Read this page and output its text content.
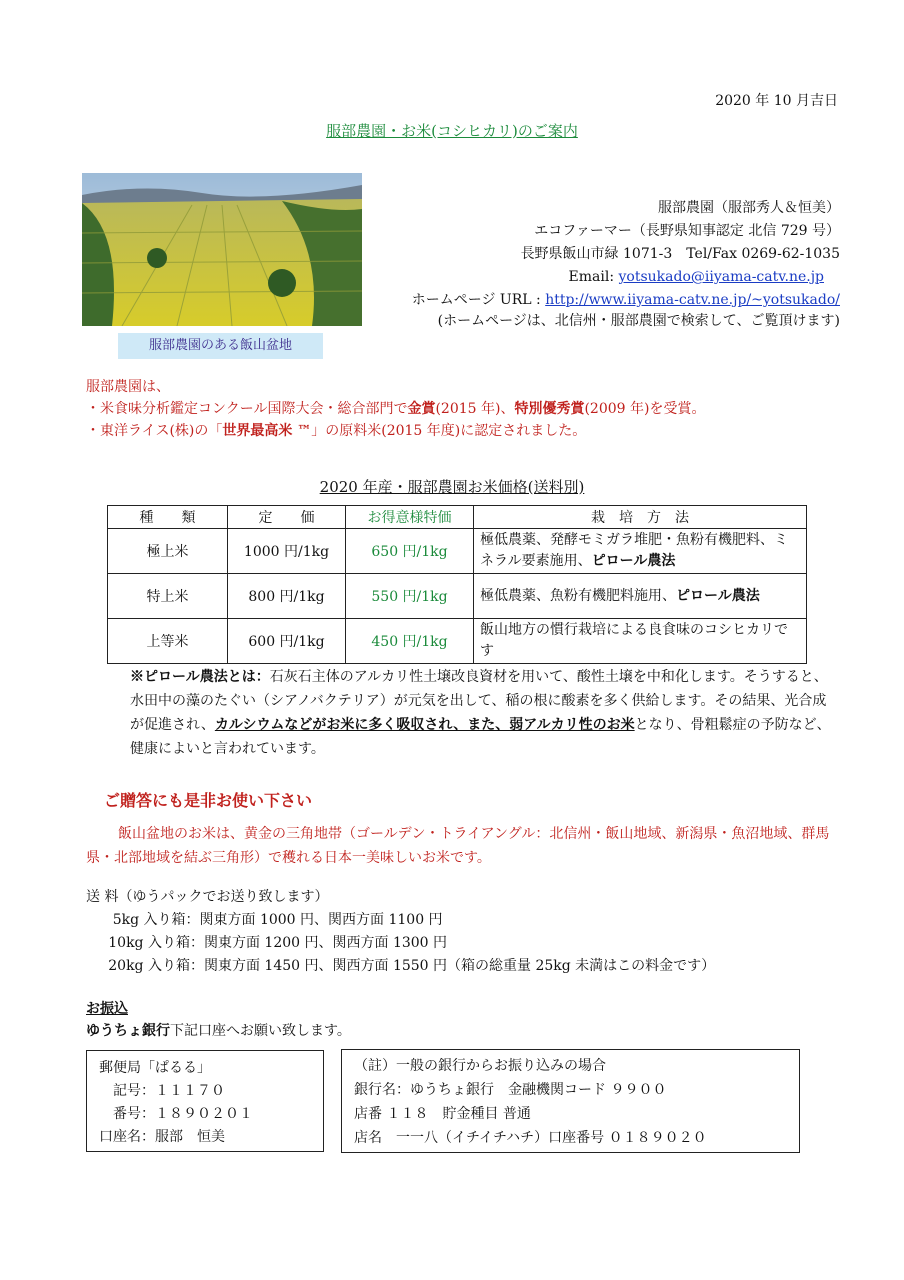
2020 年 10 月吉日
服部農園・お米(コシヒカリ)のご案内
服部農園のある飯山盆地
服部農園（服部秀人＆恒美）
エコファーマー（長野県知事認定 北信 729 号）
長野県飯山市緑 1071-3　Tel/Fax 0269-62-1035
Email: yotsukado@iiyama-catv.ne.jp
ホームページ URL : http://www.iiyama-catv.ne.jp/~yotsukado/
(ホームページは、北信州・服部農園で検索して、ご覧頂けます)
服部農園は、
・米食味分析鑑定コンクール国際大会・総合部門で金賞(2015 年)、特別優秀賞(2009 年)を受賞。
・東洋ライス(株)の「世界最高米 ™」の原料米(2015 年度)に認定されました。
2020 年産・服部農園お米価格(送料別)
種　　類	定　　価	お得意様特価	栽　培　方　法
極上米	1000 円/1kg	650 円/1kg	極低農薬、発酵モミガラ堆肥・魚粉有機肥料、ミネラル要素施用、ピロール農法
特上米	800 円/1kg	550 円/1kg	極低農薬、魚粉有機肥料施用、ピロール農法
上等米	600 円/1kg	450 円/1kg	飯山地方の慣行栽培による良食味のコシヒカリです
※ピロール農法とは：石灰石主体のアルカリ性土壌改良資材を用いて、酸性土壌を中和化します。そうすると、水田中の藻のたぐい（シアノバクテリア）が元気を出して、稲の根に酸素を多く供給します。その結果、光合成が促進され、カルシウムなどがお米に多く吸収され、また、弱アルカリ性のお米となり、骨粗鬆症の予防など、健康によいと言われています。
ご贈答にも是非お使い下さい
飯山盆地のお米は、黄金の三角地帯（ゴールデン・トライアングル：北信州・飯山地域、新潟県・魚沼地域、群馬県・北部地域を結ぶ三角形）で穫れる日本一美味しいお米です。
送 料（ゆうパックでお送り致します）
5kg 入り箱：関東方面 1000 円、関西方面 1100 円
10kg 入り箱：関東方面 1200 円、関西方面 1300 円
20kg 入り箱：関東方面 1450 円、関西方面 1550 円（箱の総重量 25kg 未満はこの料金です）
お振込
ゆうちょ銀行下記口座へお願い致します。
郵便局「ぱるる」
　記号：１１１７０
　番号：１８９０２０１
口座名：服部　恒美
（註）一般の銀行からお振り込みの場合
銀行名：ゆうちょ銀行　金融機関コード ９９００
店番 １１８　貯金種目 普通
店名　一一八（イチイチハチ）口座番号 ０１８９０２０
